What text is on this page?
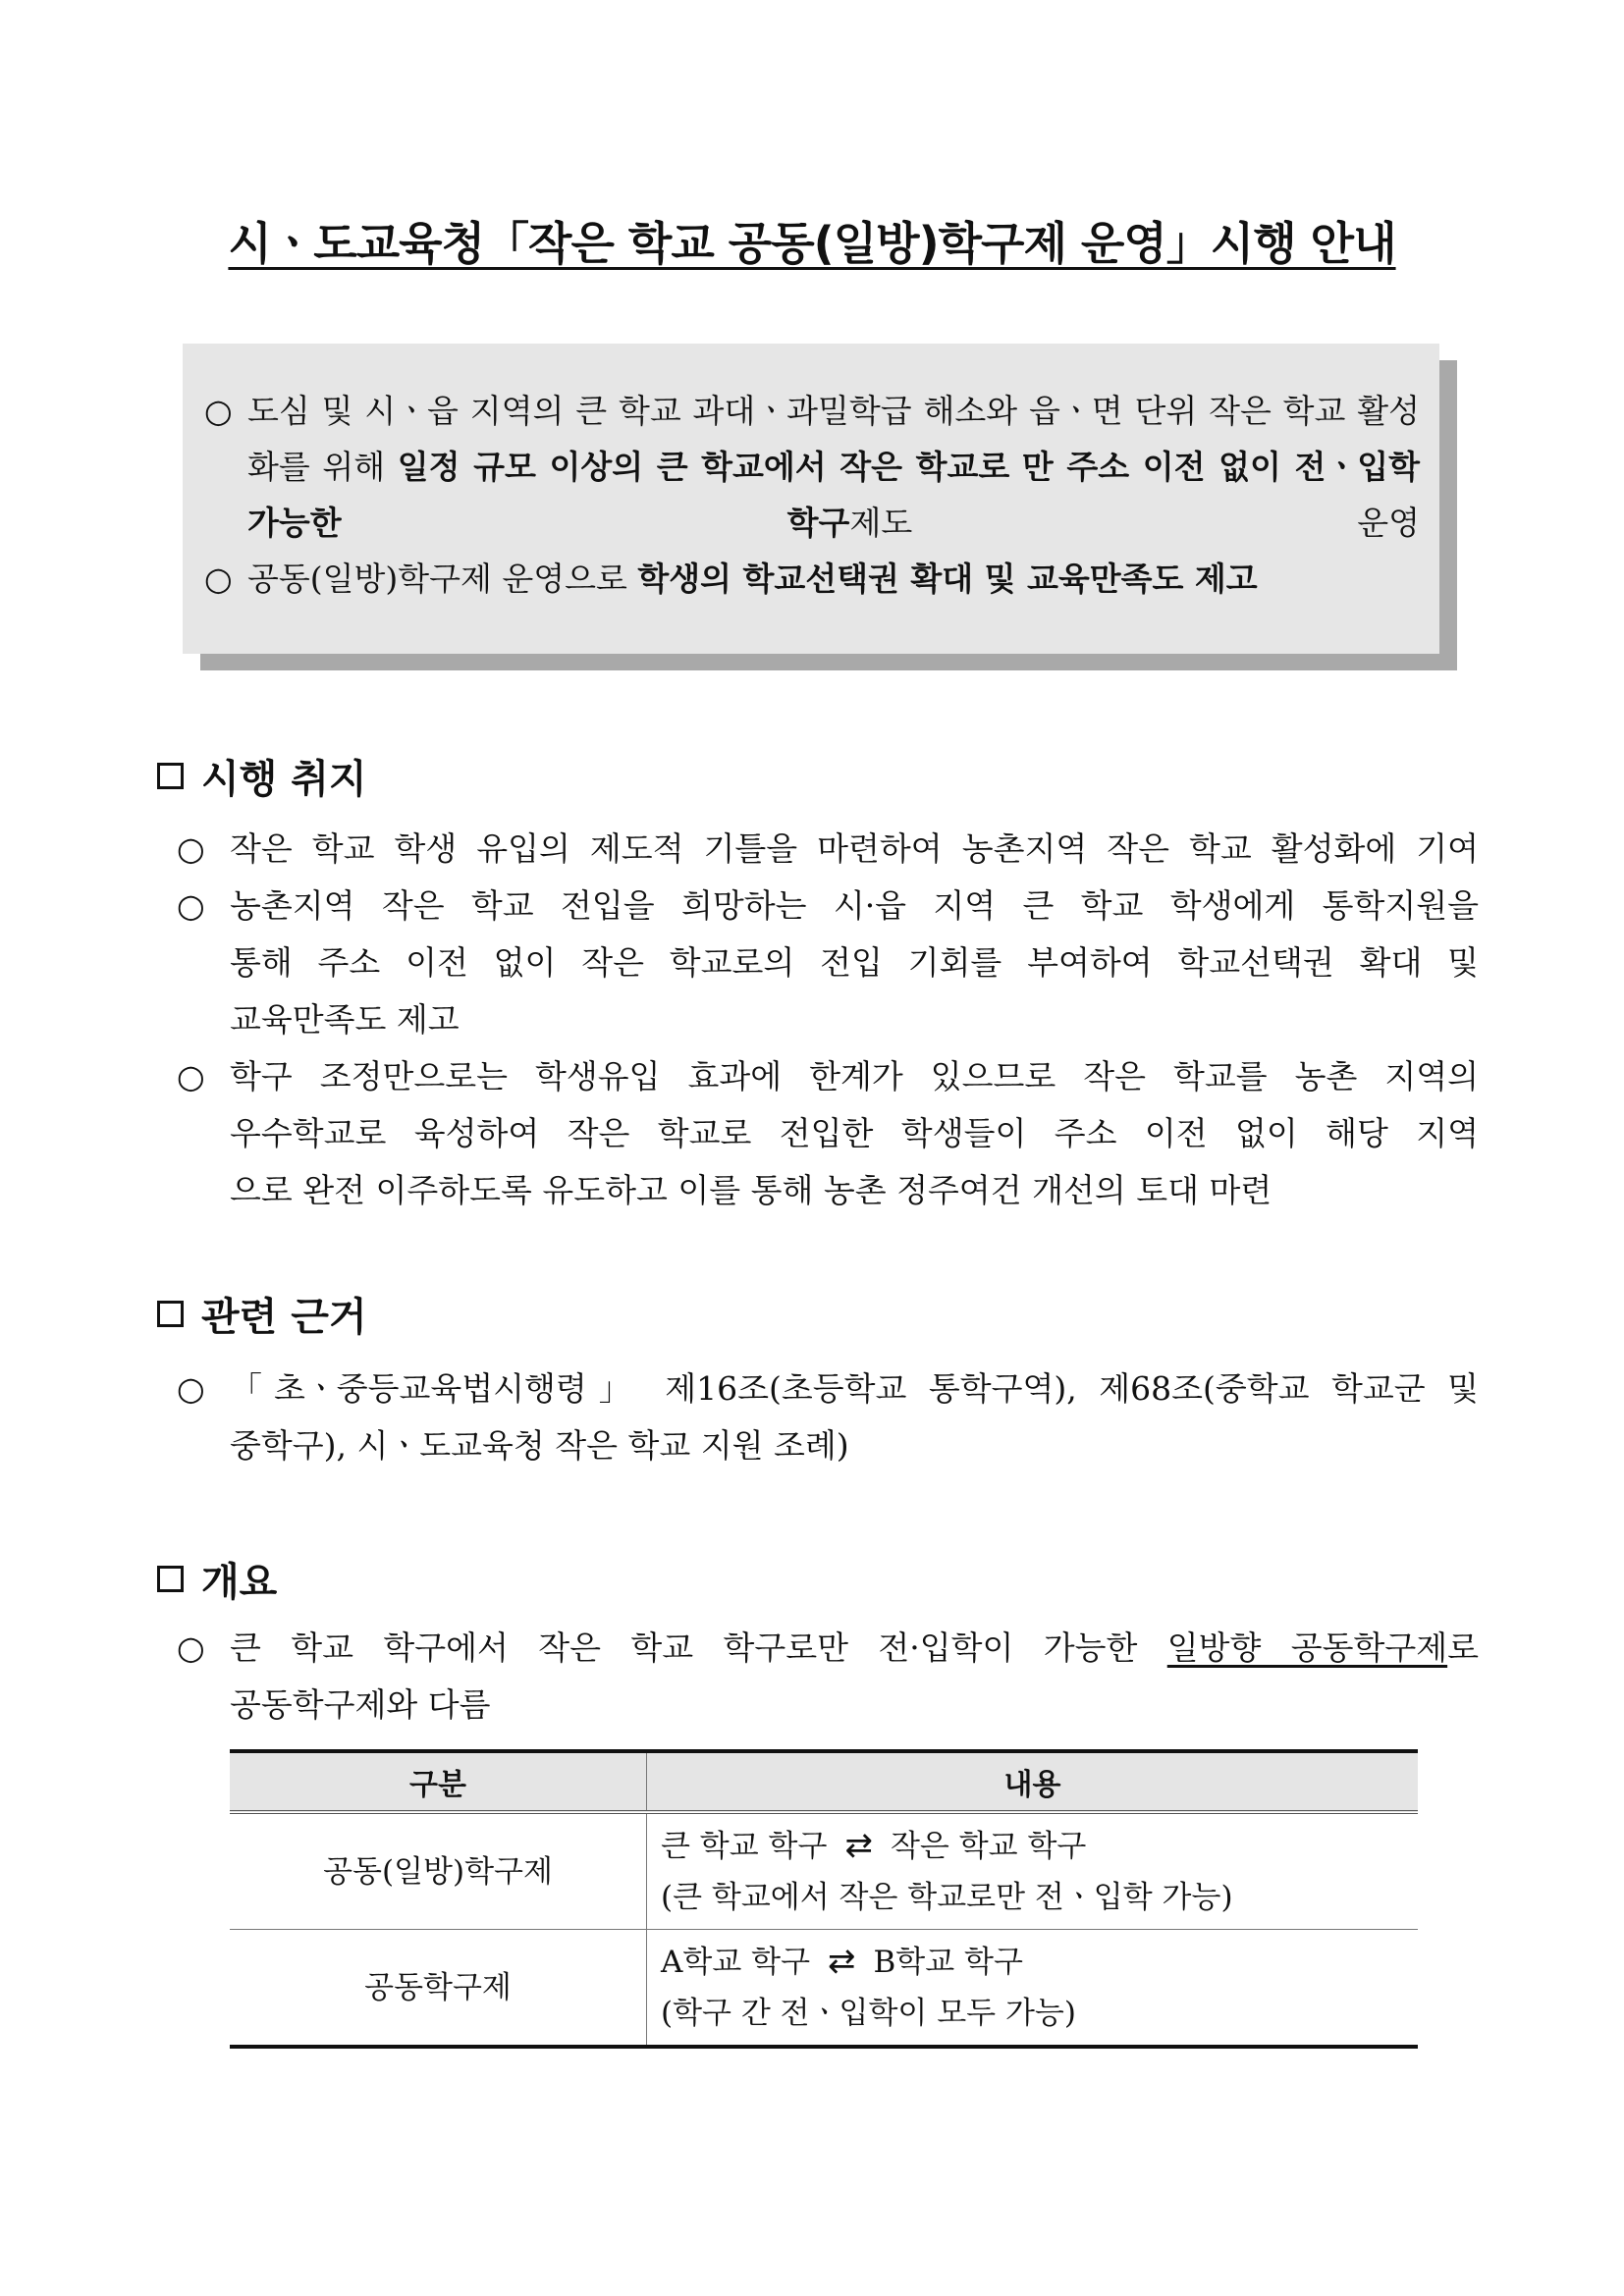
시ㆍ도교육청「작은 학교 공동(일방)학구제 운영」시행 안내
○ 도심 및 시ㆍ읍 지역의 큰 학교 과대ㆍ과밀학급 해소와 읍ㆍ면 단위 작은 학교 활성화를 위해 일정 규모 이상의 큰 학교에서 작은 학교로 만 주소 이전 없이 전ㆍ입학 가능한 학구제도 운영
○ 공동(일방)학구제 운영으로 학생의 학교선택권 확대 및 교육만족도 제고
시행 취지
○ 작은 학교 학생 유입의 제도적 기틀을 마련하여 농촌지역 작은 학교 활성화에 기여
○ 농촌지역 작은 학교 전입을 희망하는 시·읍 지역 큰 학교 학생에게 통학지원을
통해 주소 이전 없이 작은 학교로의 전입 기회를 부여하여 학교선택권 확대 및
교육만족도 제고
○ 학구 조정만으로는 학생유입 효과에 한계가 있으므로 작은 학교를 농촌 지역의
우수학교로 육성하여 작은 학교로 전입한 학생들이 주소 이전 없이 해당 지역
으로 완전 이주하도록 유도하고 이를 통해 농촌 정주여건 개선의 토대 마련
관련 근거
○ 「초ㆍ중등교육법시행령」 제16조(초등학교 통학구역), 제68조(중학교 학교군 및
중학구), 시ㆍ도교육청 작은 학교 지원 조례)
개요
○ 큰 학교 학구에서 작은 학교 학구로만 전·입학이 가능한 일방향 공동학구제로
공동학구제와 다름
구분	내용
공동(일방)학구제	큰 학교 학구 ⇄ 작은 학교 학구
(큰 학교에서 작은 학교로만 전ㆍ입학 가능)

공동학구제	A학교 학구 ⇄ B학교 학구
(학구 간 전ㆍ입학이 모두 가능)
